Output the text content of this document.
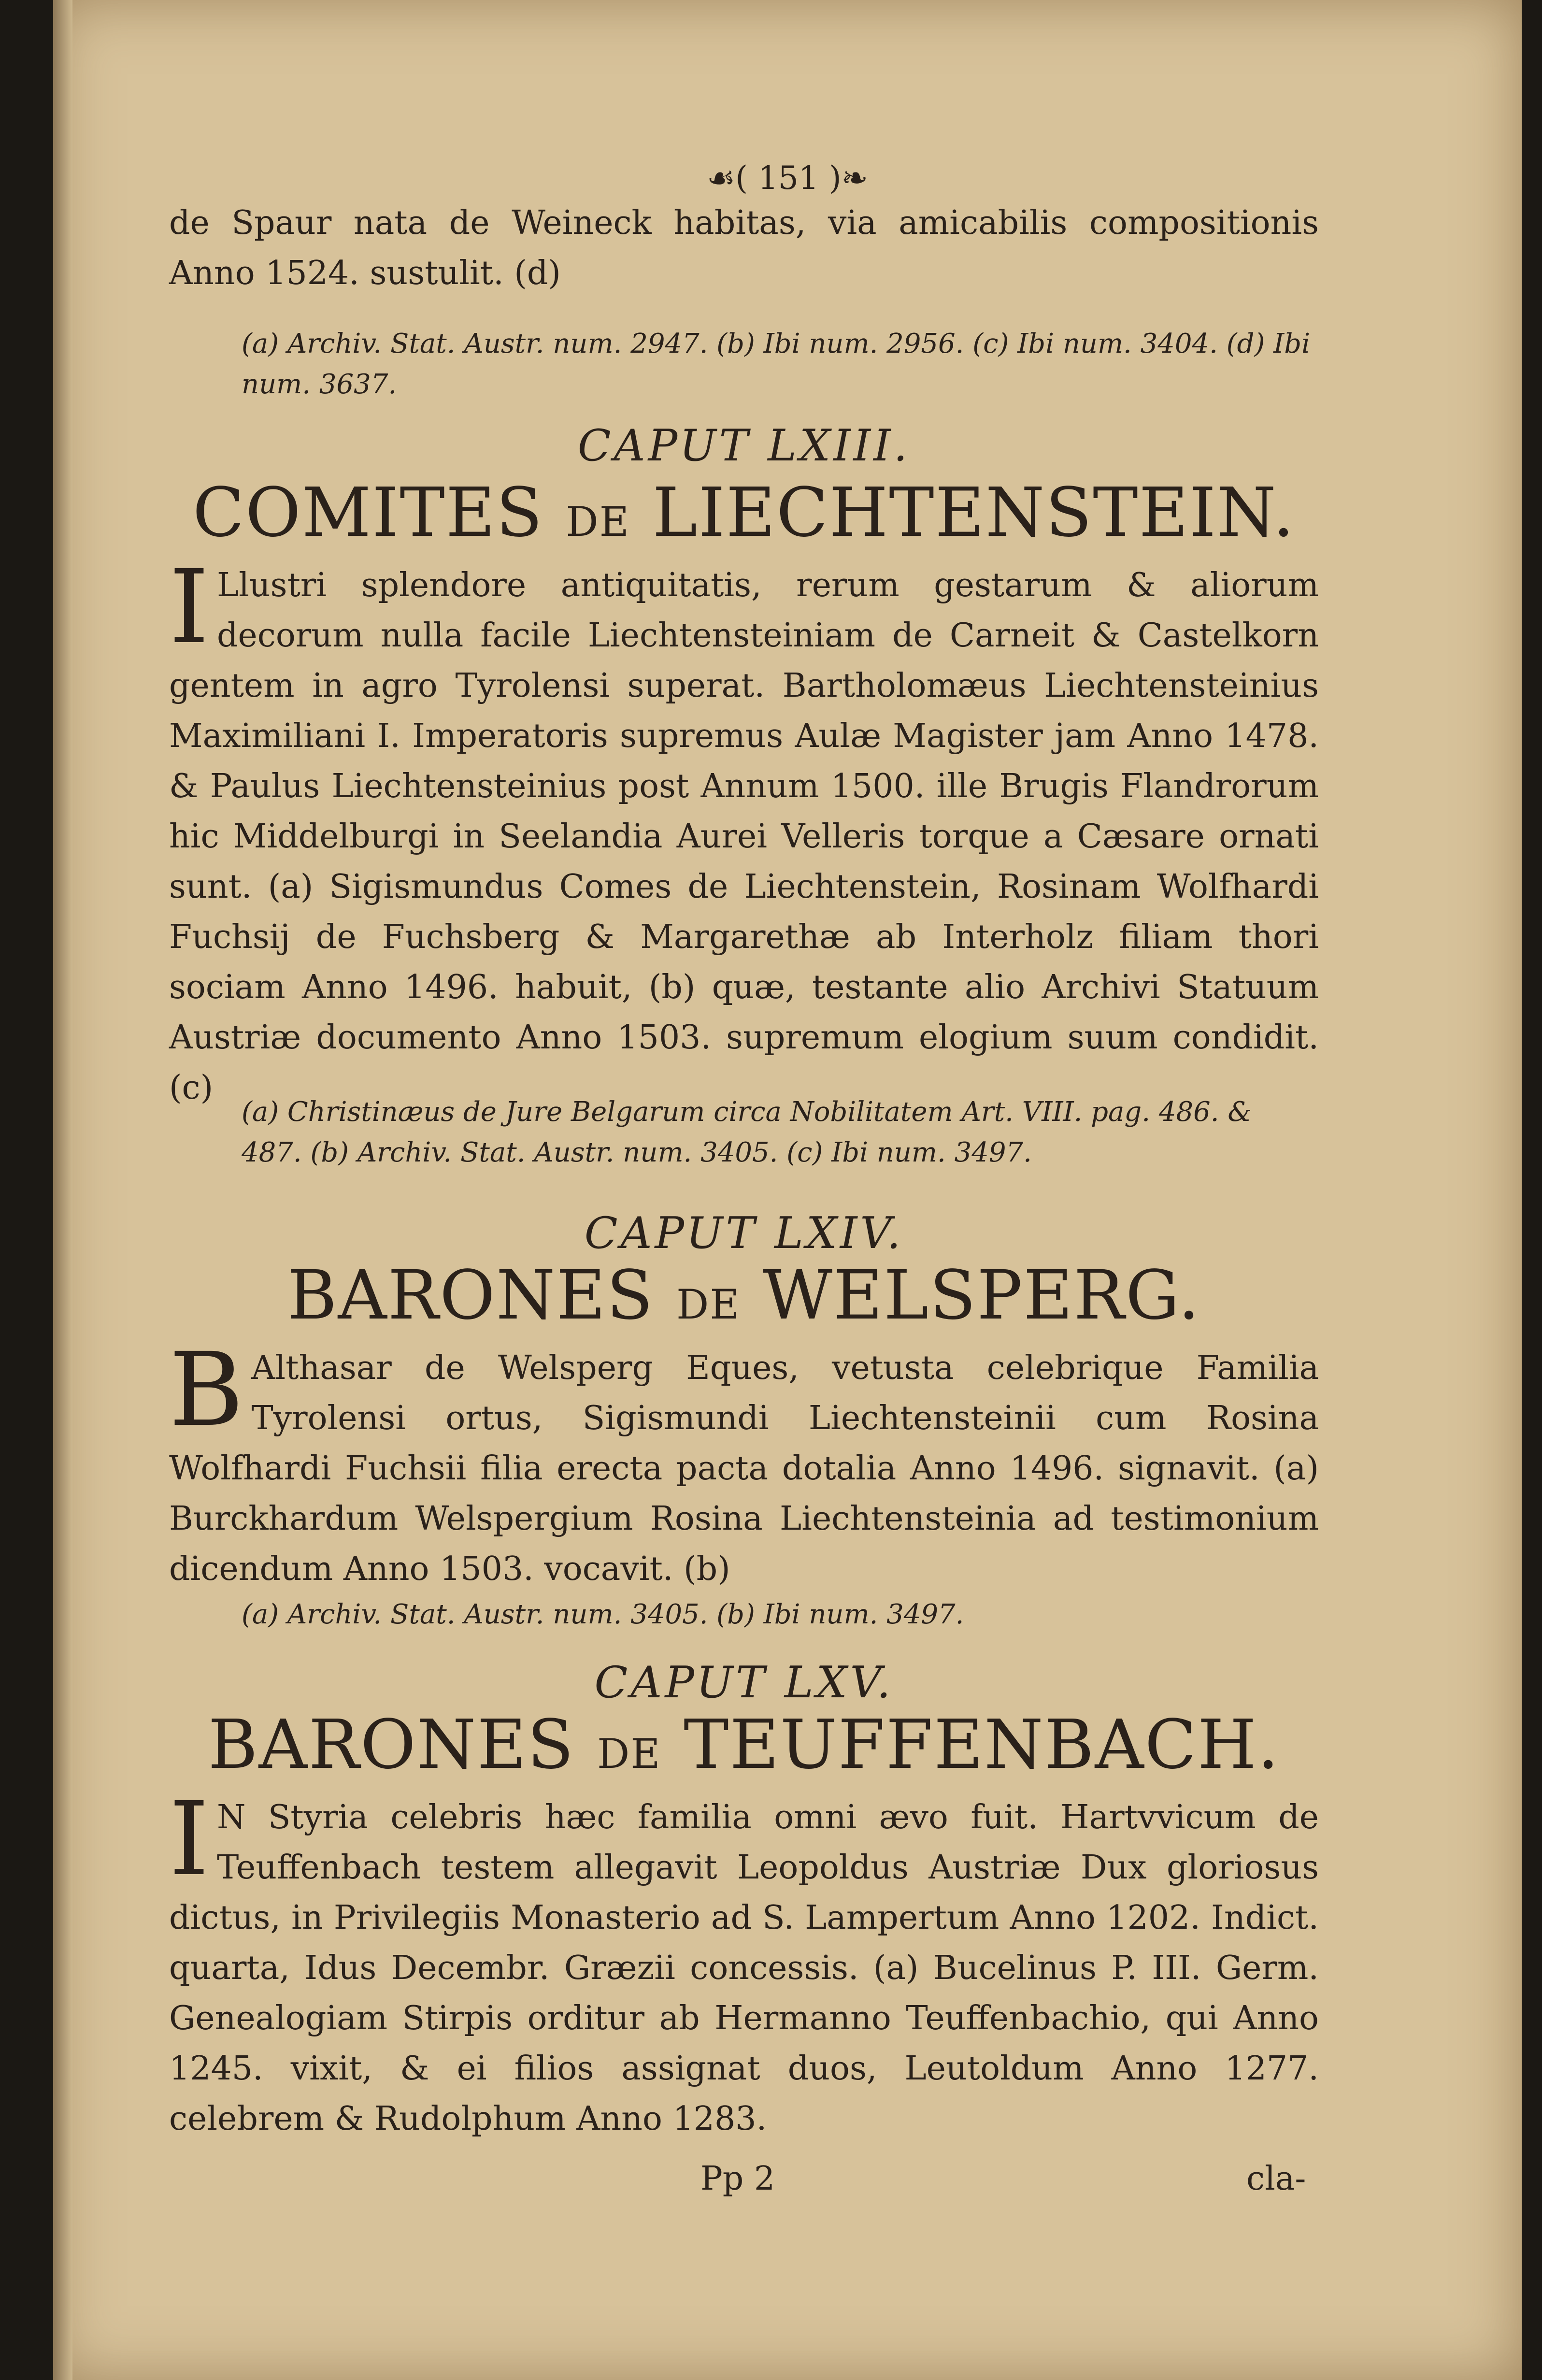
☙( 151 )❧
de Spaur nata de Weineck habitas, via amicabilis compositionis Anno 1524. sustulit. (d)
(a) Archiv. Stat. Austr. num. 2947. (b) Ibi num. 2956. (c) Ibi num. 3404. (d) Ibi num. 3637.
CAPUT LXIII.
COMITES DE LIECHTENSTEIN.
I Llustri splendore antiquitatis, rerum gestarum & aliorum decorum nulla facile Liechtensteiniam de Carneit & Castelkorn gentem in agro Tyrolensi superat. Bartholomæus Liechtensteinius Maximiliani I. Imperatoris supremus Aulæ Magister jam Anno 1478. & Paulus Liechtensteinius post Annum 1500. ille Brugis Flandrorum hic Middelburgi in Seelandia Aurei Velleris torque a Cæsare ornati sunt. (a) Sigismundus Comes de Liechtenstein, Rosinam Wolfhardi Fuchsij de Fuchsberg & Margarethæ ab Interholz filiam thori sociam Anno 1496. habuit, (b) quæ, testante alio Archivi Statuum Austriæ documento Anno 1503. supremum elogium suum condidit. (c)
(a) Christinæus de Jure Belgarum circa Nobilitatem Art. VIII. pag. 486. & 487. (b) Archiv. Stat. Austr. num. 3405. (c) Ibi num. 3497.
CAPUT LXIV.
BARONES DE WELSPERG.
B Althasar de Welsperg Eques, vetusta celebrique Familia Tyrolensi ortus, Sigismundi Liechtensteinii cum Rosina Wolfhardi Fuchsii filia erecta pacta dotalia Anno 1496. signavit. (a) Burckhardum Welspergium Rosina Liechtensteinia ad testimonium dicendum Anno 1503. vocavit. (b)
(a) Archiv. Stat. Austr. num. 3405. (b) Ibi num. 3497.
CAPUT LXV.
BARONES DE TEUFFENBACH.
I N Styria celebris hæc familia omni ævo fuit. Hartvvicum de Teuffenbach testem allegavit Leopoldus Austriæ Dux gloriosus dictus, in Privilegiis Monasterio ad S. Lampertum Anno 1202. Indict. quarta, Idus Decembr. Græzii concessis. (a) Bucelinus P. III. Germ. Genealogiam Stirpis orditur ab Hermanno Teuffenbachio, qui Anno 1245. vixit, & ei filios assignat duos, Leutoldum Anno 1277. celebrem & Rudolphum Anno 1283.
Pp 2	cla-
